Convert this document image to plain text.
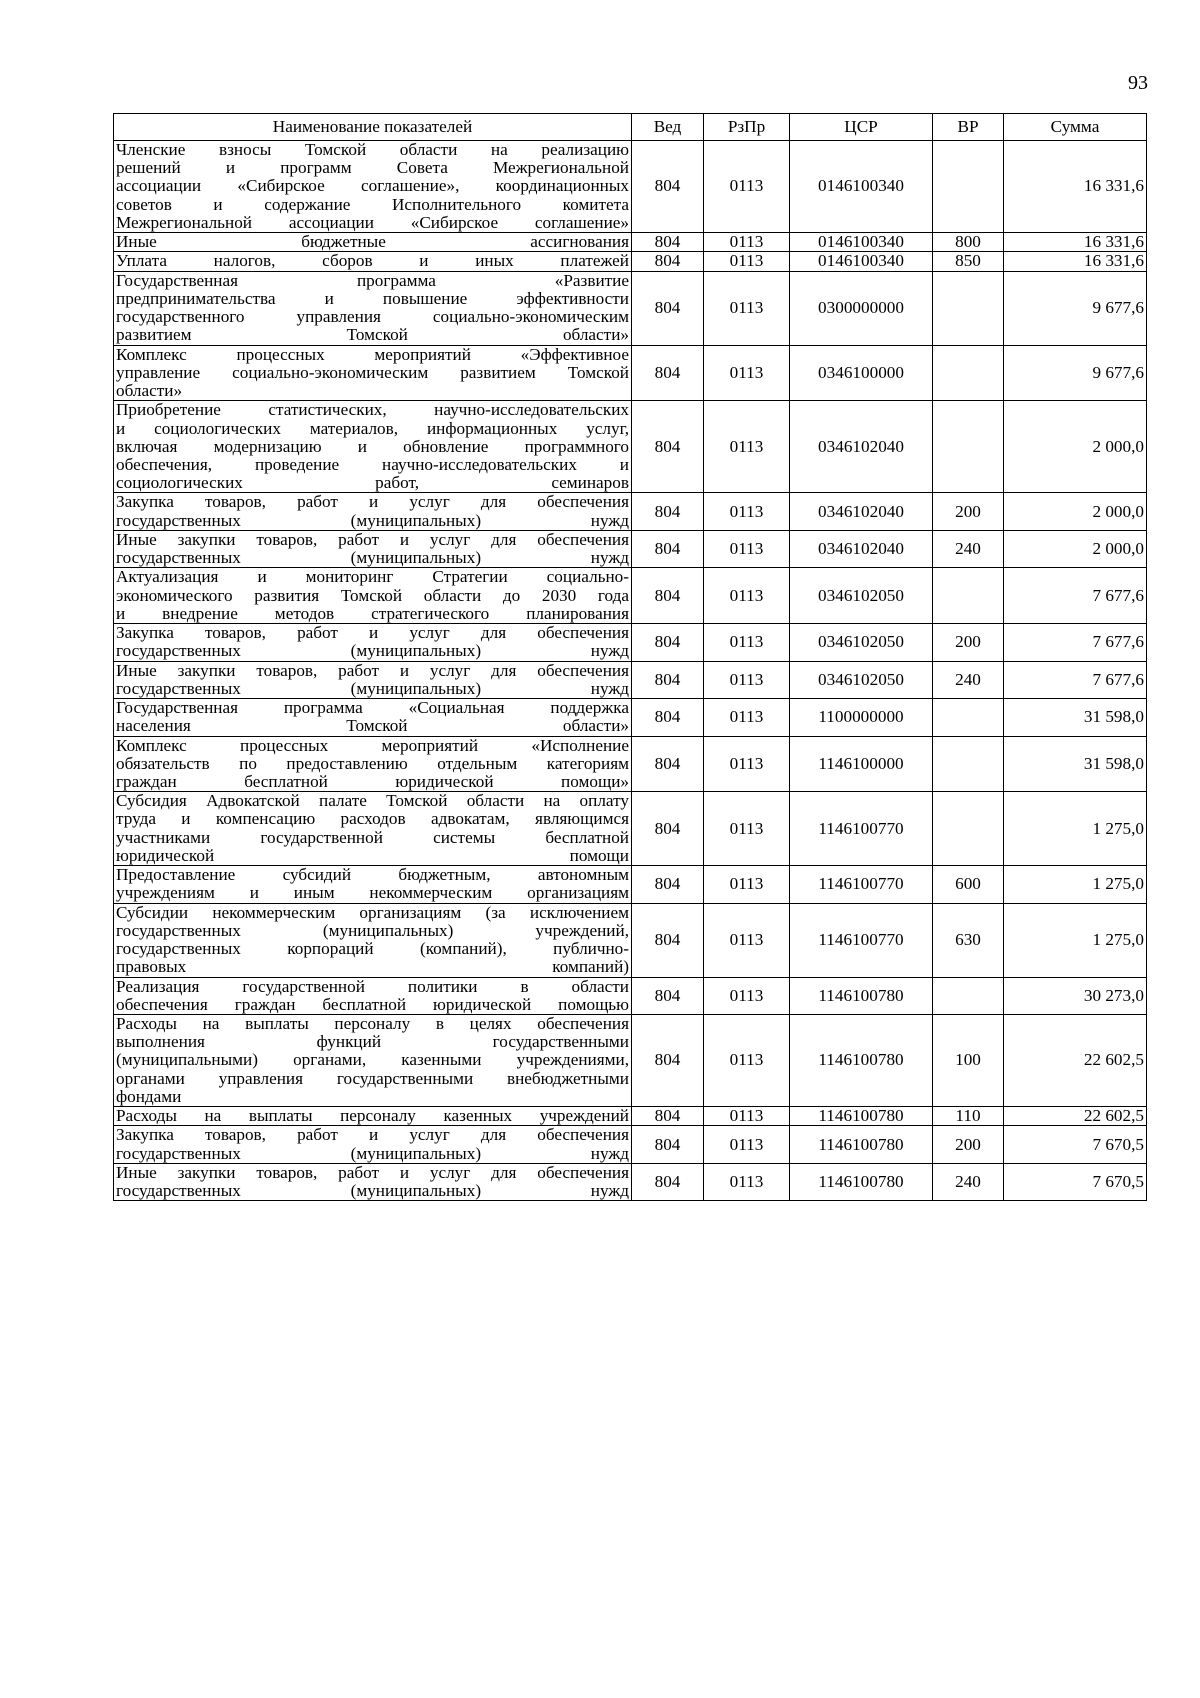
93
Наименование показателей	Вед	РзПр	ЦСР	ВР	Сумма

Членские взносы Томской области на реализацию
решений и программ Совета Межрегиональной
ассоциации «Сибирское соглашение», координационных
советов и содержание Исполнительного комитета
Межрегиональной ассоциации «Сибирское соглашение»	804	0113	0146100340		16 331,6

Иные бюджетные ассигнования	804	0113	0146100340	800	16 331,6

Уплата налогов, сборов и иных платежей	804	0113	0146100340	850	16 331,6

Государственная программа «Развитие
предпринимательства и повышение эффективности
государственного управления социально-экономическим
развитием Томской области»	804	0113	0300000000		9 677,6

Комплекс процессных мероприятий «Эффективное
управление социально-экономическим развитием Томской
области»	804	0113	0346100000		9 677,6

Приобретение статистических, научно-исследовательских
и социологических материалов, информационных услуг,
включая модернизацию и обновление программного
обеспечения, проведение научно-исследовательских и
социологических работ, семинаров	804	0113	0346102040		2 000,0

Закупка товаров, работ и услуг для обеспечения
государственных (муниципальных) нужд	804	0113	0346102040	200	2 000,0

Иные закупки товаров, работ и услуг для обеспечения
государственных (муниципальных) нужд	804	0113	0346102040	240	2 000,0

Актуализация и мониторинг Стратегии социально-
экономического развития Томской области до 2030 года
и внедрение методов стратегического планирования	804	0113	0346102050		7 677,6

Закупка товаров, работ и услуг для обеспечения
государственных (муниципальных) нужд	804	0113	0346102050	200	7 677,6

Иные закупки товаров, работ и услуг для обеспечения
государственных (муниципальных) нужд	804	0113	0346102050	240	7 677,6

Государственная программа «Социальная поддержка
населения Томской области»	804	0113	1100000000		31 598,0

Комплекс процессных мероприятий «Исполнение
обязательств по предоставлению отдельным категориям
граждан бесплатной юридической помощи»	804	0113	1146100000		31 598,0

Субсидия Адвокатской палате Томской области на оплату
труда и компенсацию расходов адвокатам, являющимся
участниками государственной системы бесплатной
юридической помощи	804	0113	1146100770		1 275,0

Предоставление субсидий бюджетным, автономным
учреждениям и иным некоммерческим организациям	804	0113	1146100770	600	1 275,0

Субсидии некоммерческим организациям (за исключением
государственных (муниципальных) учреждений,
государственных корпораций (компаний), публично-
правовых компаний)	804	0113	1146100770	630	1 275,0

Реализация государственной политики в области
обеспечения граждан бесплатной юридической помощью	804	0113	1146100780		30 273,0

Расходы на выплаты персоналу в целях обеспечения
выполнения функций государственными
(муниципальными) органами, казенными учреждениями,
органами управления государственными внебюджетными
фондами	804	0113	1146100780	100	22 602,5

Расходы на выплаты персоналу казенных учреждений	804	0113	1146100780	110	22 602,5

Закупка товаров, работ и услуг для обеспечения
государственных (муниципальных) нужд	804	0113	1146100780	200	7 670,5

Иные закупки товаров, работ и услуг для обеспечения
государственных (муниципальных) нужд	804	0113	1146100780	240	7 670,5
